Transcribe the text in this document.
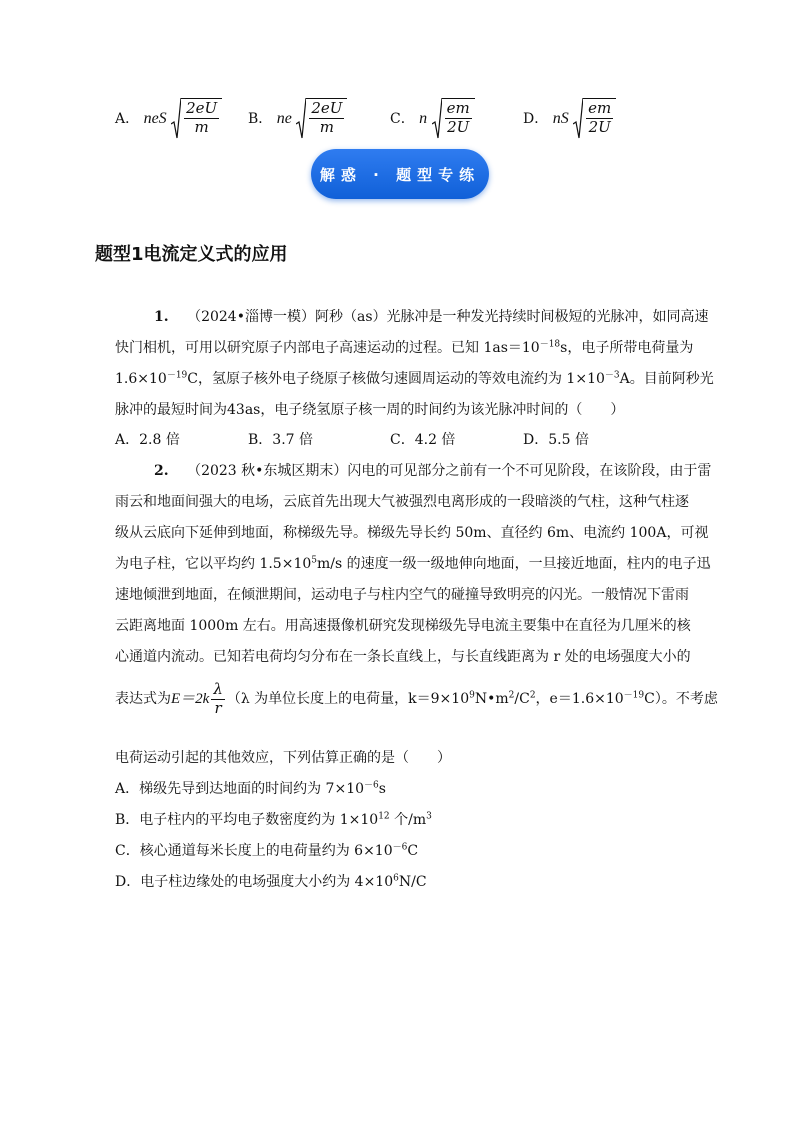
A． neS $\frac{2eU}{m}$ B． ne $\frac{2eU}{m}$	C． n $\frac{em}{2U}$	D． nS $\frac{em}{2U}$
解惑 · 题型专练
题型1电流定义式的应用
1. （2024•淄博一模）阿秒（as）光脉冲是一种发光持续时间极短的光脉冲，如同高速
快门相机，可用以研究原子内部电子高速运动的过程。已知 $1as=10^{-18}s$，电子所带电荷量为
$1.6\times 10^{-19}C$，氢原子核外电子绕原子核做匀速圆周运动的等效电流约为 $1\times 10^{-3}A$。目前阿秒光
脉冲的最短时间为43as，电子绕氢原子核一周的时间约为该光脉冲时间的（　　）
A．2.8 倍	B．3.7 倍	C．4.2 倍	D．5.5 倍
2. （2023 秋•东城区期末）闪电的可见部分之前有一个不可见阶段，在该阶段，由于雷
雨云和地面间强大的电场，云底首先出现大气被强烈电离形成的一段暗淡的气柱，这种气柱逐
级从云底向下延伸到地面，称梯级先导。梯级先导长约 50m、直径约 6m、电流约 100A，可视
为电子柱，它以平均约 $1.5\times 10^5m/s$ 的速度一级一级地伸向地面，一旦接近地面，柱内的电子迅
速地倾泄到地面，在倾泄期间，运动电子与柱内空气的碰撞导致明亮的闪光。一般情况下雷雨
云距离地面 1000m 左右。用高速摄像机研究发现梯级先导电流主要集中在直径为几厘米的核
心通道内流动。已知若电荷均匀分布在一条长直线上，与长直线距离为 r 处的电场强度大小的
表达式为 $E=2k \frac{\lambda}{r} (\lambda$ 为单位长度上的电荷量，$k=9\times 10^9N•m^2/C^2$，$e=1.6\times 10^{-19}C$）。不考虑
电荷运动引起的其他效应，下列估算正确的是（　　）
A．梯级先导到达地面的时间约为 $7\times 10^{-6}s$
B．电子柱内的平均电子数密度约为 $1\times 10^{12}$ 个$/m^3$
C．核心通道每米长度上的电荷量约为 $6\times 10^{-6}C$
D．电子柱边缘处的电场强度大小约为 $4\times 10^6N/C$
